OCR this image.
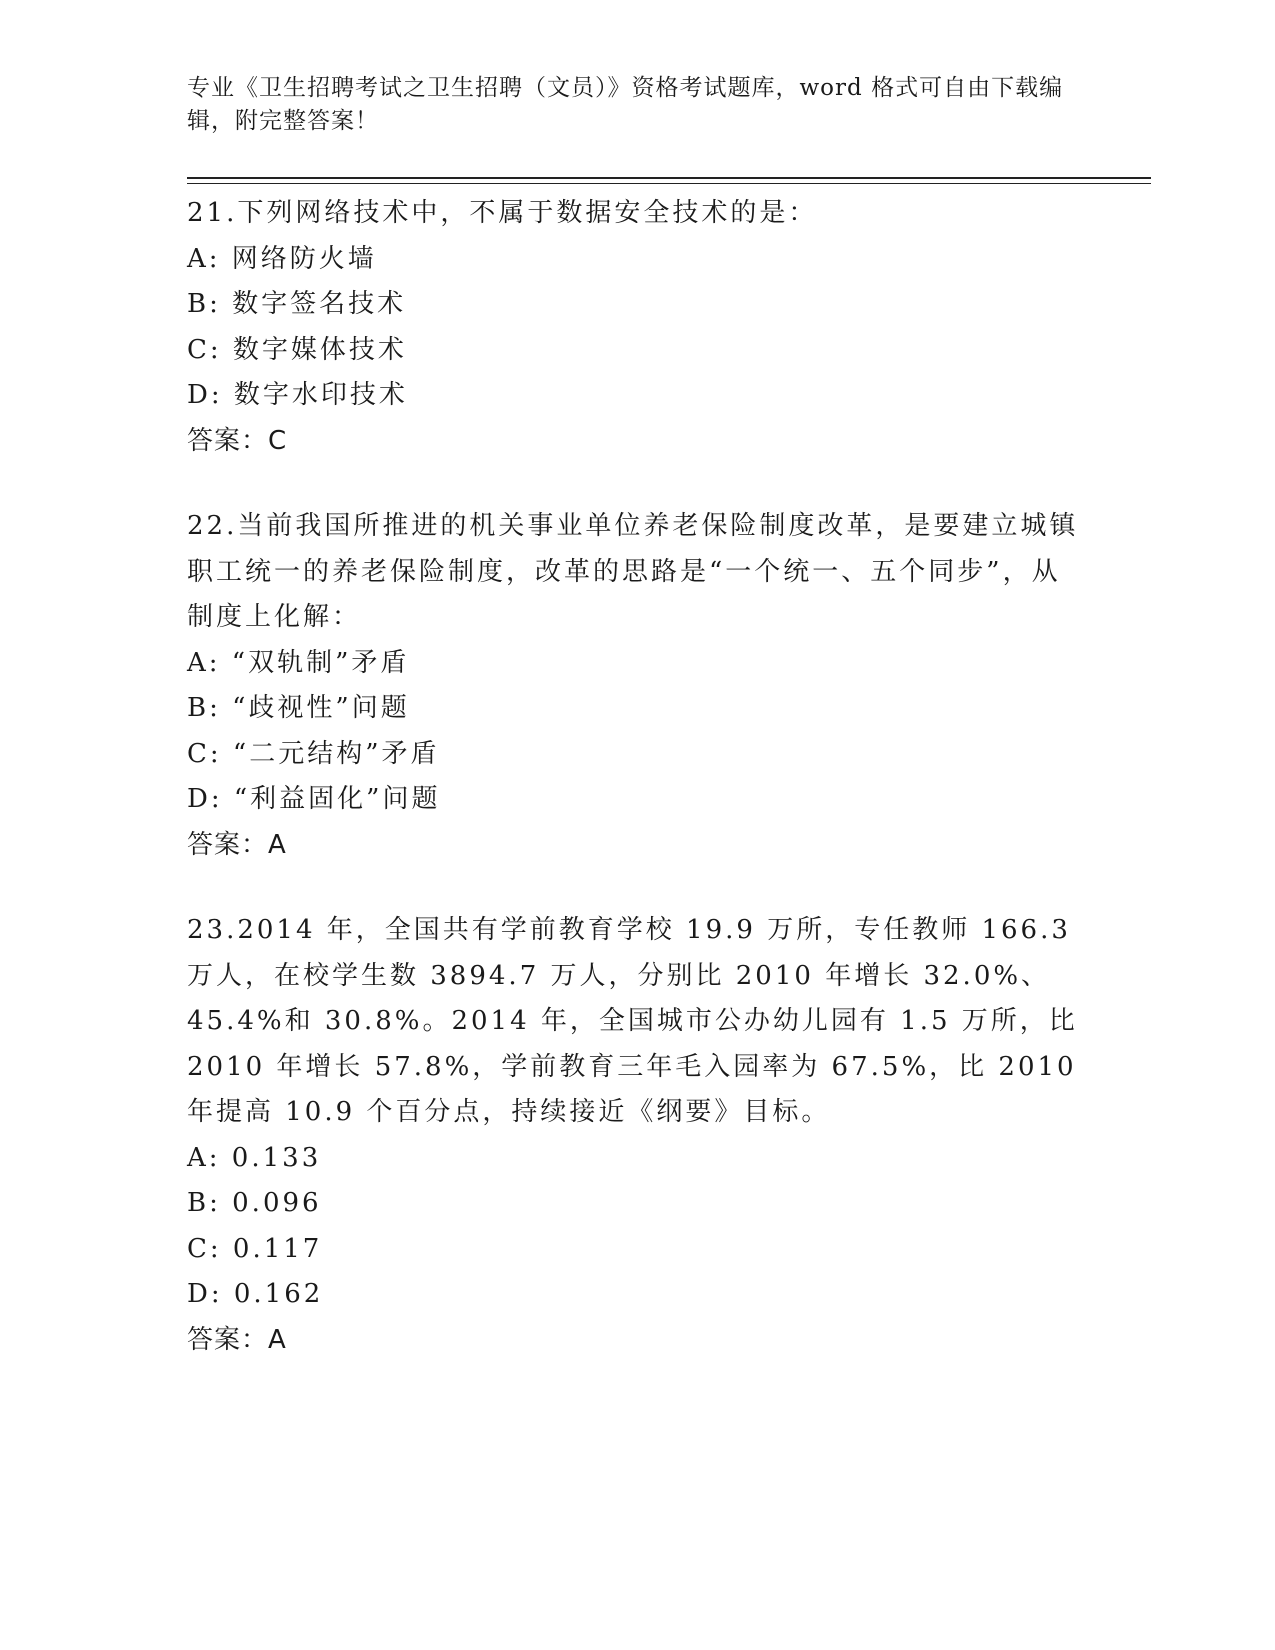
专业《卫生招聘考试之卫生招聘（文员）》资格考试题库，word 格式可自由下载编辑，附完整答案！

21.下列网络技术中，不属于数据安全技术的是：

A: 网络防火墙

B: 数字签名技术

C: 数字媒体技术

D: 数字水印技术

答案：C

22.当前我国所推进的机关事业单位养老保险制度改革，是要建立城镇职工统一的养老保险制度，改革的思路是“一个统一、五个同步”，从制度上化解：

A: “双轨制”矛盾

B: “歧视性”问题

C: “二元结构”矛盾

D: “利益固化”问题

答案：A

23.2014 年，全国共有学前教育学校 19.9 万所，专任教师 166.3 万人，在校学生数 3894.7 万人，分别比 2010 年增长 32.0%、45.4%和 30.8%。2014 年，全国城市公办幼儿园有 1.5 万所，比 2010 年增长 57.8%，学前教育三年毛入园率为 67.5%，比 2010 年提高 10.9 个百分点，持续接近《纲要》目标。

A: 0.133

B: 0.096

C: 0.117

D: 0.162

答案：A
